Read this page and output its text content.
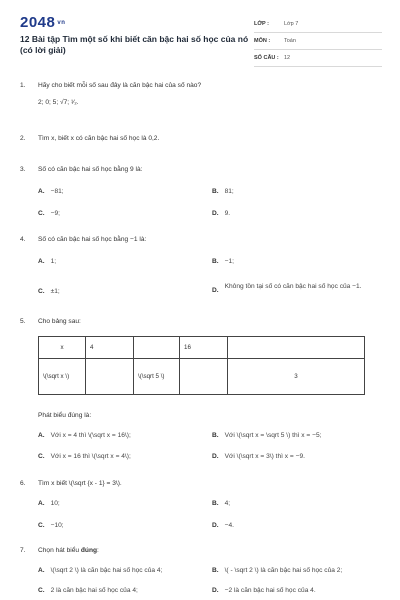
2048 vn
12 Bài tập Tìm một số khi biết căn bậc hai số học của nó (có lời giải)
LỚP :	Lớp 7
MÔN :	Toán
SỐ CÂU : 12
1.	Hãy cho biết mỗi số sau đây là căn bậc hai của số nào?
2; 0; 5; √7; ¹⁄₂.
2.	Tìm x, biết x có căn bậc hai số học là 0,2.
3.	Số có căn bậc hai số học bằng 9 là:
A. −81;	B. 81;
C. −9;	D. 9.
4.	Số có căn bậc hai số học bằng −1 là:
A. 1;	B. −1;
C. ±1;	D.
Không tồn tại số có căn bậc hai số học của −1.
5.	Cho bảng sau:
x	4		16	
\(\sqrt x \)		\(\sqrt 5 \)		3
Phát biểu đúng là:
A. Với x = 4 thì \(\sqrt x = 16\);	B. Với \(\sqrt x = \sqrt 5 \) thì x = −5;
C. Với x = 16 thì \(\sqrt x = 4\);	D. Với \(\sqrt x = 3\) thì x = −9.
6.	Tìm x biết \(\sqrt {x - 1} = 3\).
A. 10;	B. 4;
C. −10;	D. −4.
7.	Chọn hát biểu đúng:
A. \(\sqrt 2 \) là căn bậc hai số học của 4;	B. \( - \sqrt 2 \) là căn bậc hai số học của 2;
C. 2 là căn bậc hai số học của 4;	D. −2 là căn bậc hai số học của 4.
